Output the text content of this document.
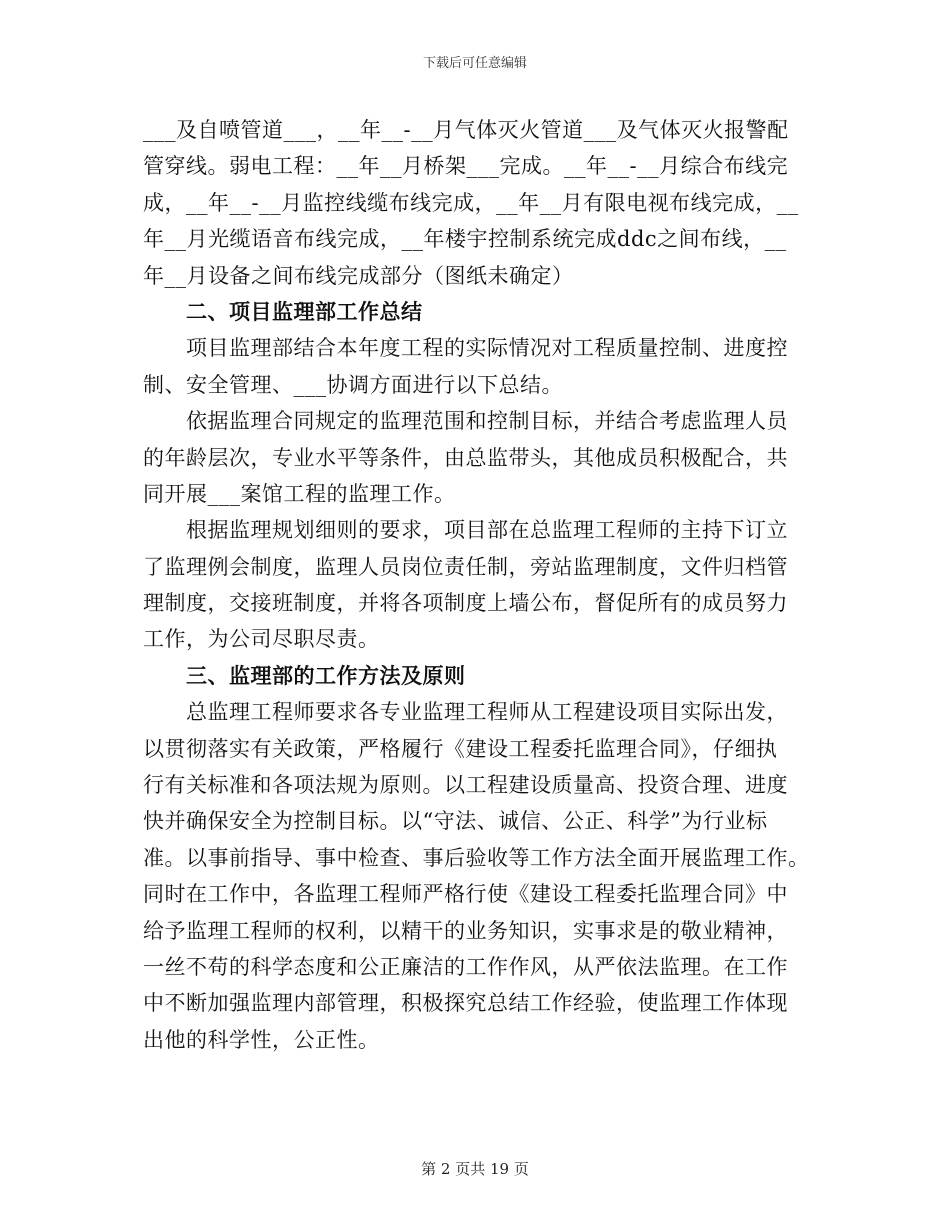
下载后可任意编辑
___及自喷管道___，__年__-__月气体灭火管道___及气体灭火报警配
管穿线。弱电工程：__年__月桥架___完成。__年__-__月综合布线完
成，__年__-__月监控线缆布线完成，__年__月有限电视布线完成，__
年__月光缆语音布线完成，__年楼宇控制系统完成ddc之间布线，__
年__月设备之间布线完成部分（图纸未确定）
二、项目监理部工作总结
项目监理部结合本年度工程的实际情况对工程质量控制、进度控
制、安全管理、___协调方面进行以下总结。
依据监理合同规定的监理范围和控制目标，并结合考虑监理人员
的年龄层次，专业水平等条件，由总监带头，其他成员积极配合，共
同开展___案馆工程的监理工作。
根据监理规划细则的要求，项目部在总监理工程师的主持下订立
了监理例会制度，监理人员岗位责任制，旁站监理制度，文件归档管
理制度，交接班制度，并将各项制度上墙公布，督促所有的成员努力
工作，为公司尽职尽责。
三、监理部的工作方法及原则
总监理工程师要求各专业监理工程师从工程建设项目实际出发，
以贯彻落实有关政策，严格履行《建设工程委托监理合同》，仔细执
行有关标准和各项法规为原则。以工程建设质量高、投资合理、进度
快并确保安全为控制目标。以“守法、诚信、公正、科学”为行业标
准。以事前指导、事中检查、事后验收等工作方法全面开展监理工作。
同时在工作中，各监理工程师严格行使《建设工程委托监理合同》中
给予监理工程师的权利，以精干的业务知识，实事求是的敬业精神，
一丝不苟的科学态度和公正廉洁的工作作风，从严依法监理。在工作
中不断加强监理内部管理，积极探究总结工作经验，使监理工作体现
出他的科学性，公正性。
第 2 页共 19 页
